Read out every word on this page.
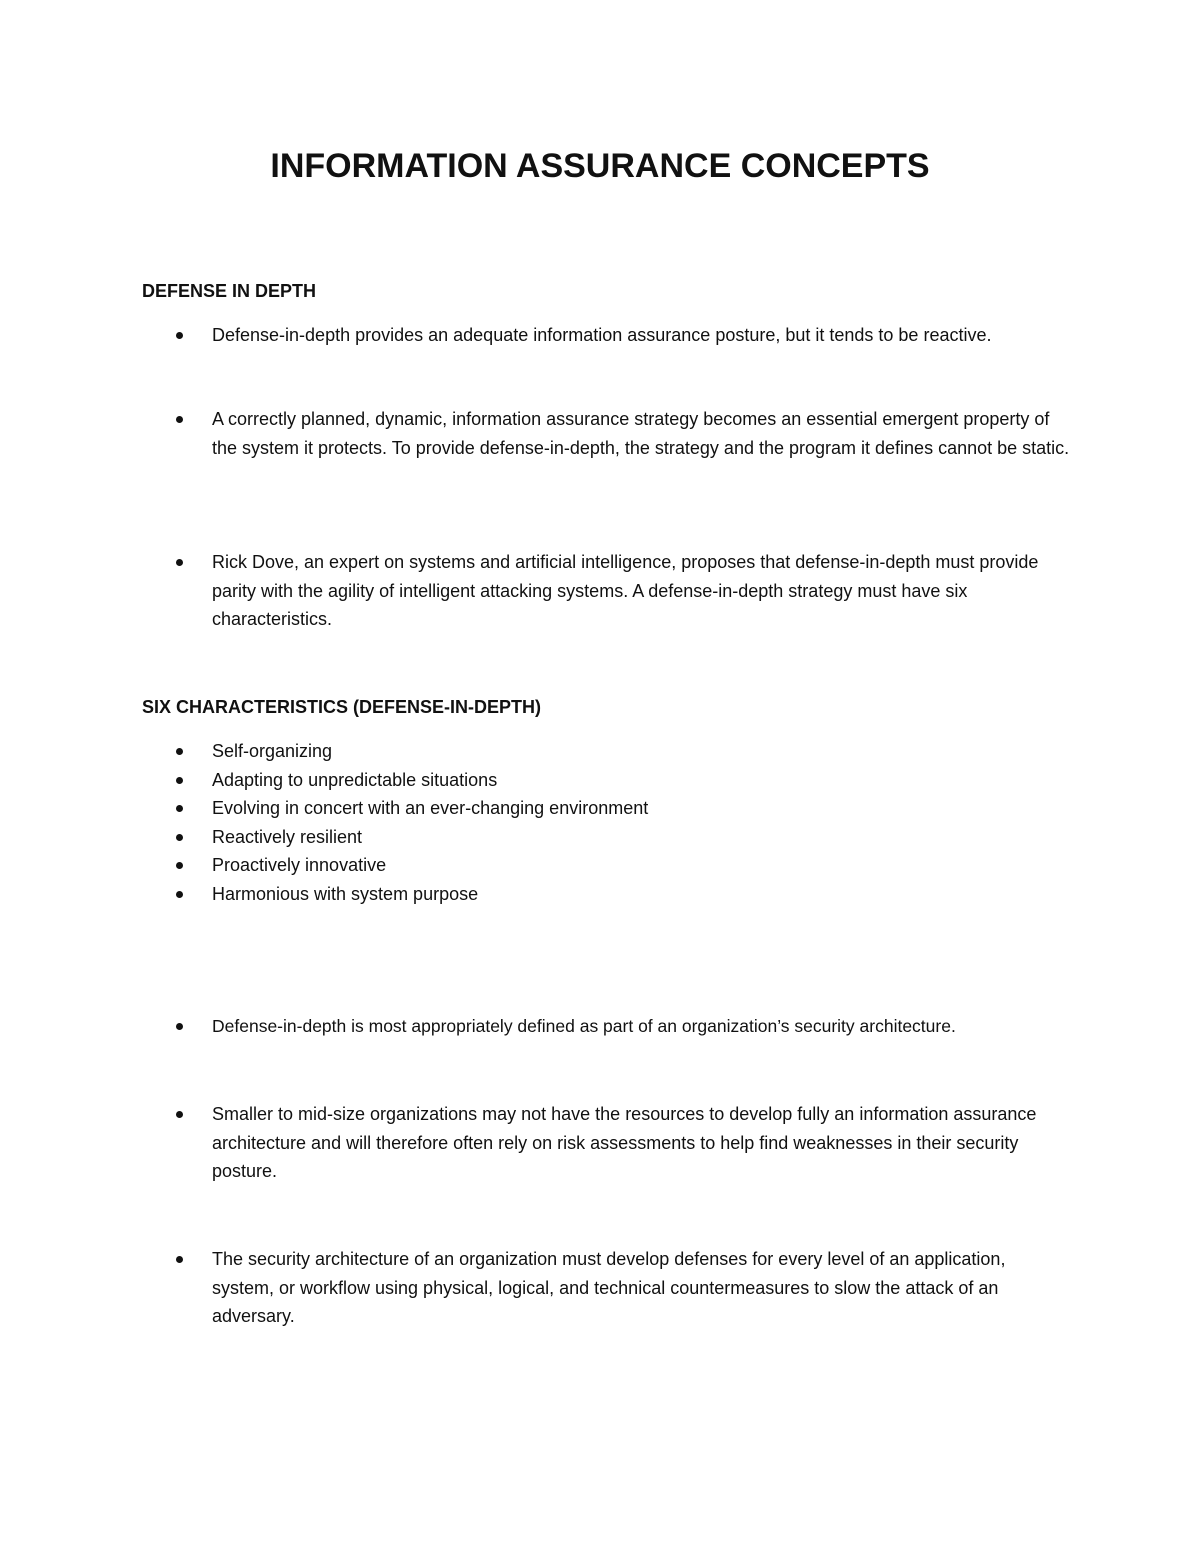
INFORMATION ASSURANCE CONCEPTS
DEFENSE IN DEPTH
Defense-in-depth provides an adequate information assurance posture, but it tends to be reactive.
A correctly planned, dynamic, information assurance strategy becomes an essential emergent property of the system it protects. To provide defense-in-depth, the strategy and the program it defines cannot be static.
Rick Dove, an expert on systems and artificial intelligence, proposes that defense-in-depth must provide parity with the agility of intelligent attacking systems. A defense-in-depth strategy must have six characteristics.
SIX CHARACTERISTICS (DEFENSE-IN-DEPTH)
Self-organizing
Adapting to unpredictable situations
Evolving in concert with an ever-changing environment
Reactively resilient
Proactively innovative
Harmonious with system purpose
Defense-in-depth is most appropriately defined as part of an organization’s security architecture.
Smaller to mid-size organizations may not have the resources to develop fully an information assurance architecture and will therefore often rely on risk assessments to help find weaknesses in their security posture.
The security architecture of an organization must develop defenses for every level of an application, system, or workflow using physical, logical, and technical countermeasures to slow the attack of an adversary.
